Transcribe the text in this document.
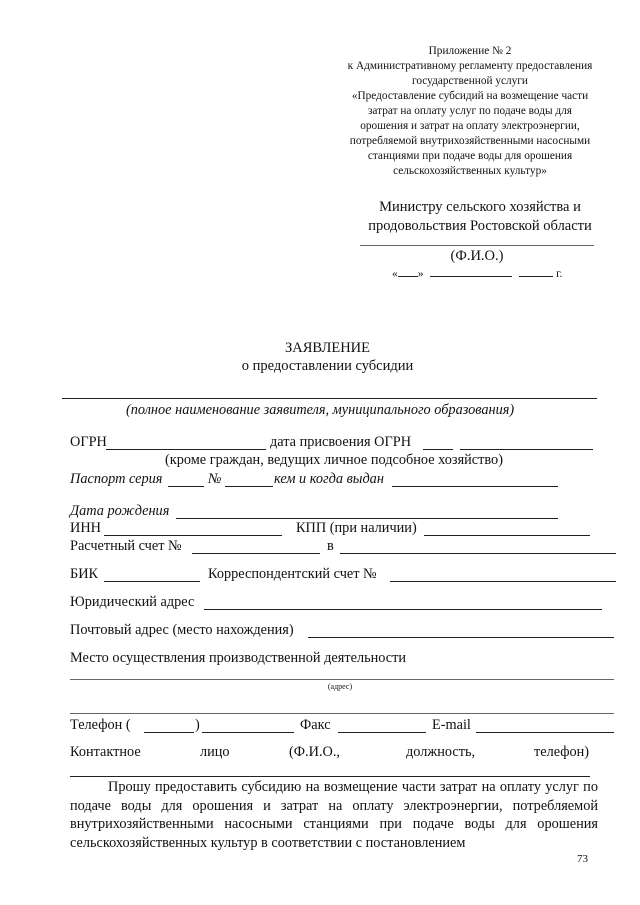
Приложение № 2
к Административному регламенту предоставления
государственной услуги
«Предоставление субсидий на возмещение части
затрат на оплату услуг по подаче воды для
орошения и затрат на оплату электроэнергии,
потребляемой внутрихозяйственными насосными
станциями при подаче воды для орошения
сельскохозяйственных культур»
Министру сельского хозяйства и
продовольствия Ростовской области
(Ф.И.О.)
« »	г.
ЗАЯВЛЕНИЕ
о предоставлении субсидии
(полное наименование заявителя, муниципального образования)
ОГРН	дата присвоения ОГРН
(кроме граждан, ведущих личное подсобное хозяйство)
Паспорт серия	№	кем и когда выдан
Дата рождения
ИНН	КПП (при наличии)
Расчетный счет №	в
БИК	Корреспондентский счет №
Юридический адрес
Почтовый адрес (место нахождения)
Место осуществления производственной деятельности
(адрес)
Телефон (	)	Факс	E-mail
Контактное	лицо	(Ф.И.О.,	должность,	телефон)
Прошу предоставить субсидию на возмещение части затрат на оплату услуг по подаче воды для орошения и затрат на оплату электроэнергии, потребляемой внутрихозяйственными насосными станциями при подаче воды для орошения сельскохозяйственных культур в соответствии с постановлением
73
